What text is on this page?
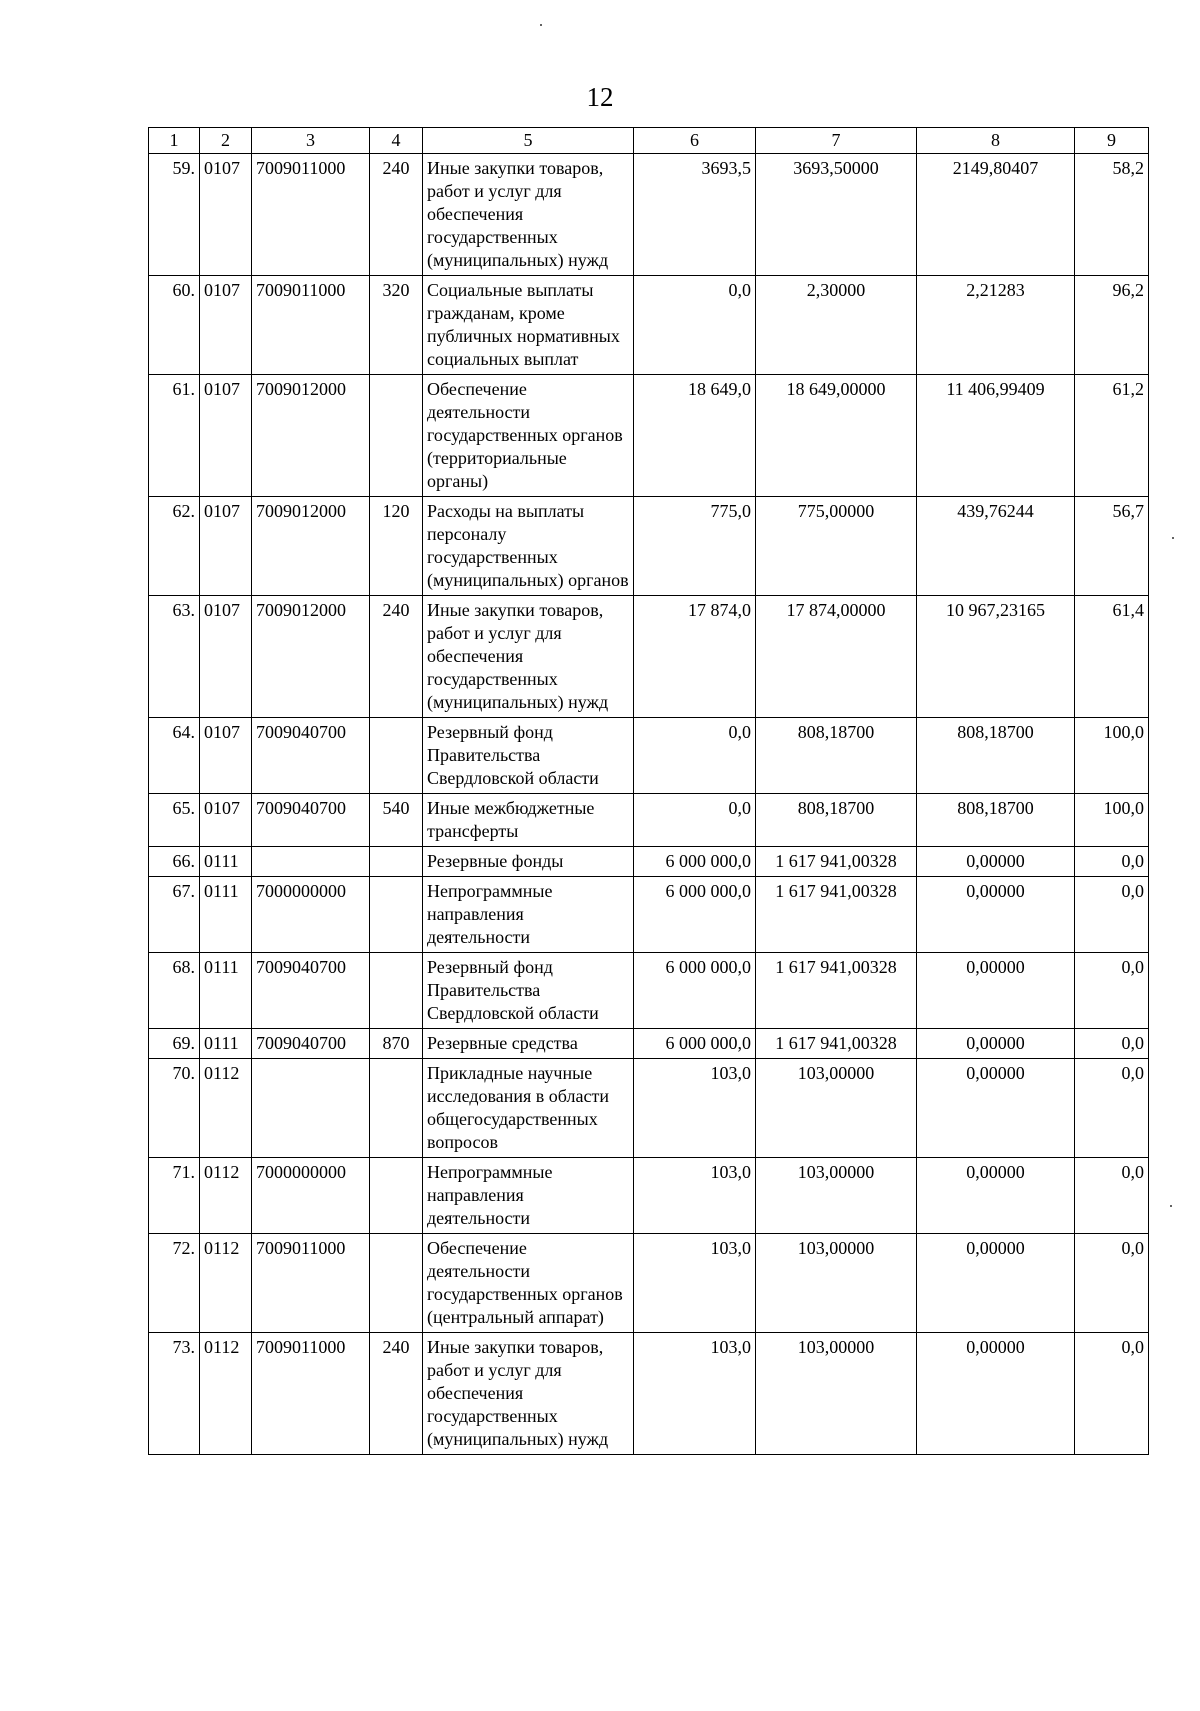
12
1	2	3	4	5	6	7	8	9
59.	0107	7009011000	240	Иные закупки товаров, работ и услуг для обеспечения государственных (муниципальных) нужд	3693,5	3693,50000	2149,80407	58,2
60.	0107	7009011000	320	Социальные выплаты гражданам, кроме публичных нормативных социальных выплат	0,0	2,30000	2,21283	96,2
61.	0107	7009012000		Обеспечение деятельности государственных органов (территориальные органы)	18 649,0	18 649,00000	11 406,99409	61,2
62.	0107	7009012000	120	Расходы на выплаты персоналу государственных (муниципальных) органов	775,0	775,00000	439,76244	56,7
63.	0107	7009012000	240	Иные закупки товаров, работ и услуг для обеспечения государственных (муниципальных) нужд	17 874,0	17 874,00000	10 967,23165	61,4
64.	0107	7009040700		Резервный фонд Правительства Свердловской области	0,0	808,18700	808,18700	100,0
65.	0107	7009040700	540	Иные межбюджетные трансферты	0,0	808,18700	808,18700	100,0
66.	0111			Резервные фонды	6 000 000,0	1 617 941,00328	0,00000	0,0
67.	0111	7000000000		Непрограммные направления деятельности	6 000 000,0	1 617 941,00328	0,00000	0,0
68.	0111	7009040700		Резервный фонд Правительства Свердловской области	6 000 000,0	1 617 941,00328	0,00000	0,0
69.	0111	7009040700	870	Резервные средства	6 000 000,0	1 617 941,00328	0,00000	0,0
70.	0112			Прикладные научные исследования в области общегосударственных вопросов	103,0	103,00000	0,00000	0,0
71.	0112	7000000000		Непрограммные направления деятельности	103,0	103,00000	0,00000	0,0
72.	0112	7009011000		Обеспечение деятельности государственных органов (центральный аппарат)	103,0	103,00000	0,00000	0,0
73.	0112	7009011000	240	Иные закупки товаров, работ и услуг для обеспечения государственных (муниципальных) нужд	103,0	103,00000	0,00000	0,0
